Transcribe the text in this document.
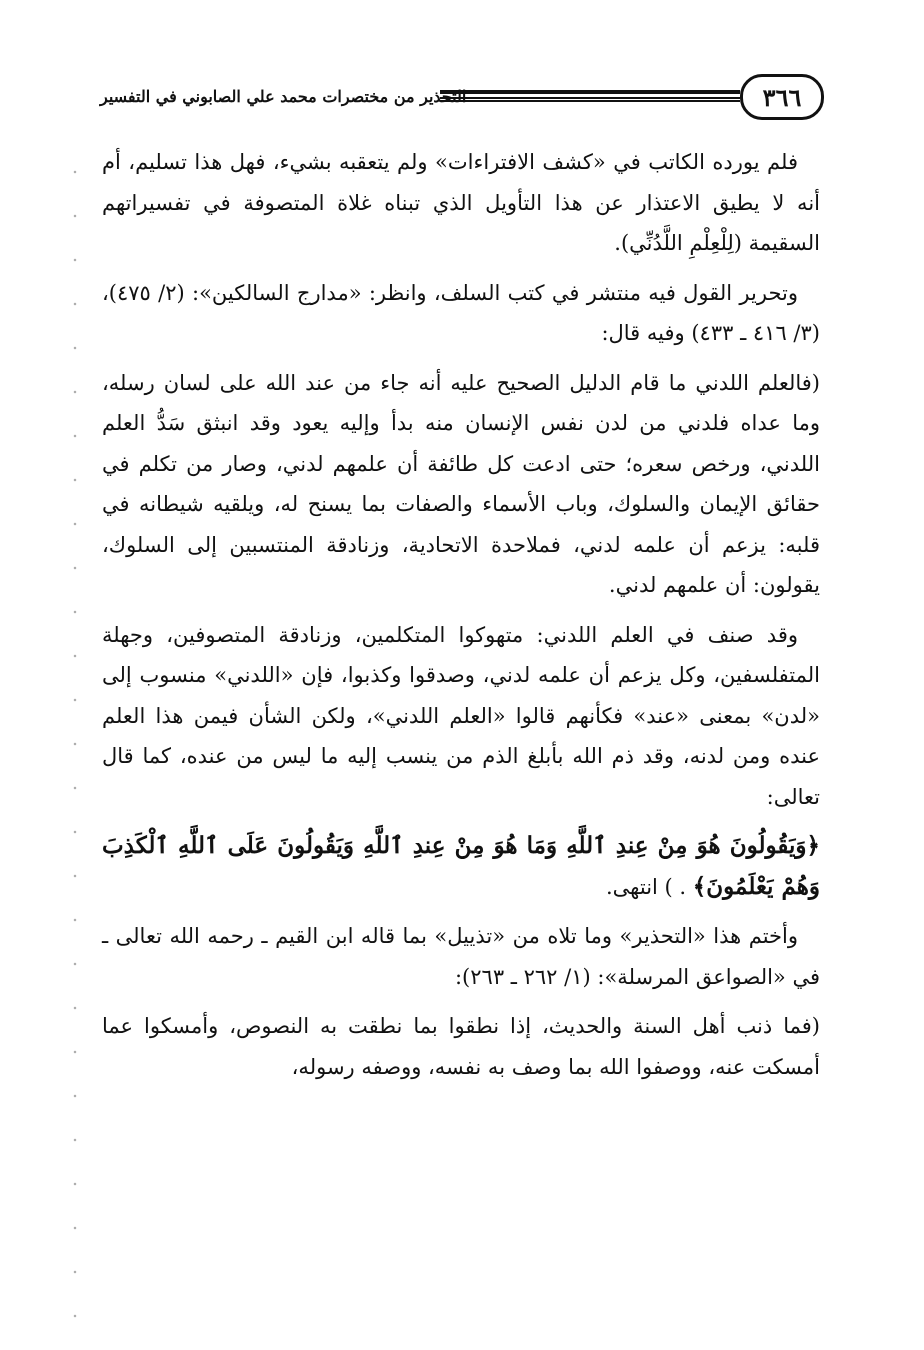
٣٦٦
التحذير من مختصرات محمد علي الصابوني في التفسير

فلم يورده الكاتب في «كشف الافتراءات» ولم يتعقبه بشيء، فهل هذا تسليم، أم أنه لا يطيق الاعتذار عن هذا التأويل الذي تبناه غلاة المتصوفة في تفسيراتهم السقيمة (لِلْعِلْمِ اللَّدُنِّي).

وتحرير القول فيه منتشر في كتب السلف، وانظر: «مدارج السالكين»: (٢/ ٤٧٥)، (٣/ ٤١٦ ـ ٤٣٣) وفيه قال:

(فالعلم اللدني ما قام الدليل الصحيح عليه أنه جاء من عند الله على لسان رسله، وما عداه فلدني من لدن نفس الإنسان منه بدأ وإليه يعود وقد انبثق سَدُّ العلم اللدني، ورخص سعره؛ حتى ادعت كل طائفة أن علمهم لدني، وصار من تكلم في حقائق الإيمان والسلوك، وباب الأسماء والصفات بما يسنح له، ويلقيه شيطانه في قلبه: يزعم أن علمه لدني، فملاحدة الاتحادية، وزنادقة المنتسبين إلى السلوك، يقولون: أن علمهم لدني.

وقد صنف في العلم اللدني: متهوكوا المتكلمين، وزنادقة المتصوفين، وجهلة المتفلسفين، وكل يزعم أن علمه لدني، وصدقوا وكذبوا، فإن «اللدني» منسوب إلى «لدن» بمعنى «عند» فكأنهم قالوا «العلم اللدني»، ولكن الشأن فيمن هذا العلم عنده ومن لدنه، وقد ذم الله بأبلغ الذم من ينسب إليه ما ليس من عنده، كما قال تعالى:

﴿وَيَقُولُونَ هُوَ مِنْ عِندِ ٱللَّهِ وَمَا هُوَ مِنْ عِندِ ٱللَّهِ وَيَقُولُونَ عَلَى ٱللَّهِ ٱلْكَذِبَ وَهُمْ يَعْلَمُونَ﴾ . ) انتهى.

وأختم هذا «التحذير» وما تلاه من «تذييل» بما قاله ابن القيم ـ رحمه الله تعالى ـ في «الصواعق المرسلة»: (١/ ٢٦٢ ـ ٢٦٣):

(فما ذنب أهل السنة والحديث، إذا نطقوا بما نطقت به النصوص، وأمسكوا عما أمسكت عنه، ووصفوا الله بما وصف به نفسه، ووصفه رسوله،
